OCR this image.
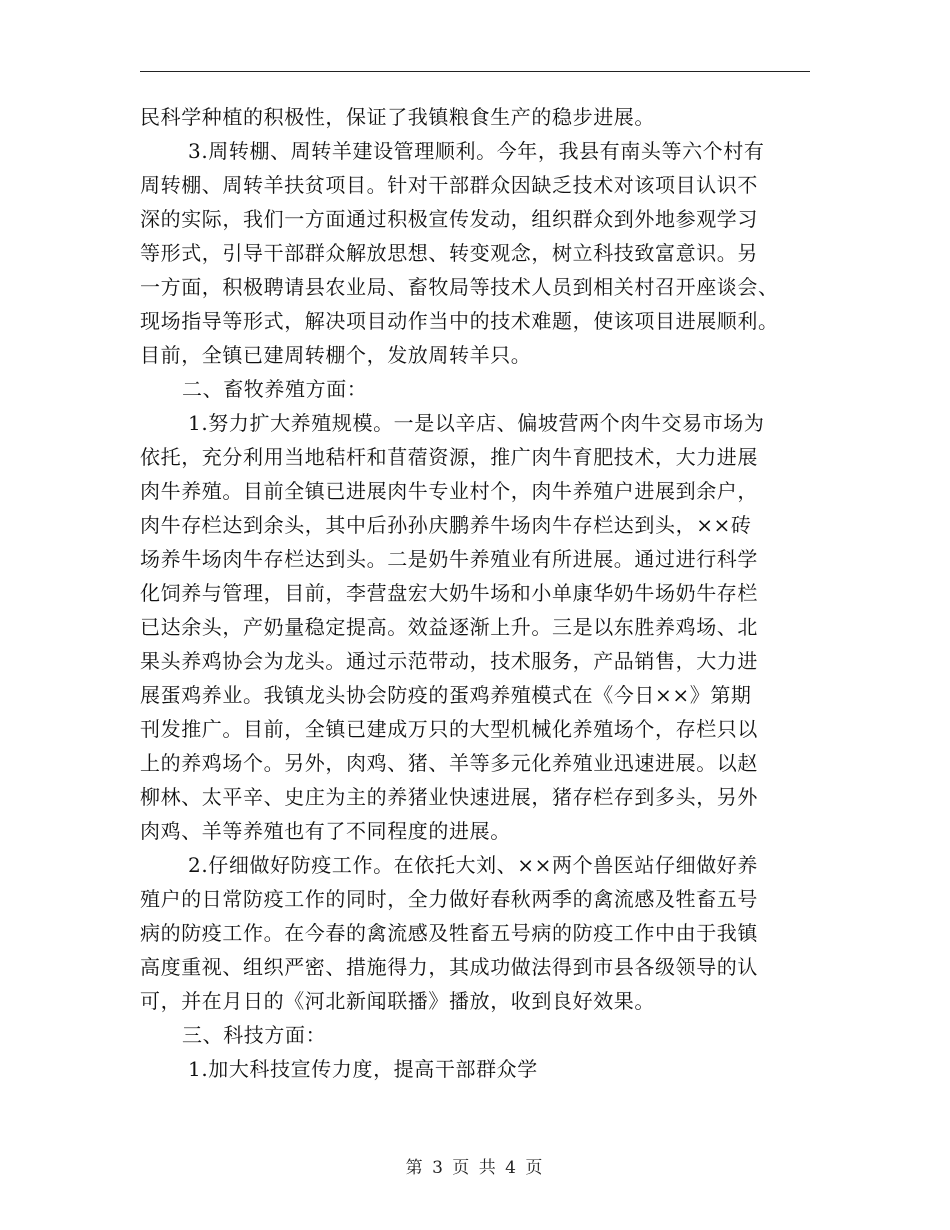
民科学种植的积极性，保证了我镇粮食生产的稳步进展。
3.周转棚、周转羊建设管理顺利。今年，我县有南头等六个村有
周转棚、周转羊扶贫项目。针对干部群众因缺乏技术对该项目认识不
深的实际，我们一方面通过积极宣传发动，组织群众到外地参观学习
等形式，引导干部群众解放思想、转变观念，树立科技致富意识。另
一方面，积极聘请县农业局、畜牧局等技术人员到相关村召开座谈会、
现场指导等形式，解决项目动作当中的技术难题，使该项目进展顺利。
目前，全镇已建周转棚个，发放周转羊只。
二、畜牧养殖方面：
1.努力扩大养殖规模。一是以辛店、偏坡营两个肉牛交易市场为
依托，充分利用当地秸杆和苜蓿资源，推广肉牛育肥技术，大力进展
肉牛养殖。目前全镇已进展肉牛专业村个，肉牛养殖户进展到余户，
肉牛存栏达到余头，其中后孙孙庆鹏养牛场肉牛存栏达到头，××砖
场养牛场肉牛存栏达到头。二是奶牛养殖业有所进展。通过进行科学
化饲养与管理，目前，李营盘宏大奶牛场和小单康华奶牛场奶牛存栏
已达余头，产奶量稳定提高。效益逐渐上升。三是以东胜养鸡场、北
果头养鸡协会为龙头。通过示范带动，技术服务，产品销售，大力进
展蛋鸡养业。我镇龙头协会防疫的蛋鸡养殖模式在《今日××》第期
刊发推广。目前，全镇已建成万只的大型机械化养殖场个，存栏只以
上的养鸡场个。另外，肉鸡、猪、羊等多元化养殖业迅速进展。以赵
柳林、太平辛、史庄为主的养猪业快速进展，猪存栏存到多头，另外
肉鸡、羊等养殖也有了不同程度的进展。
2.仔细做好防疫工作。在依托大刘、××两个兽医站仔细做好养
殖户的日常防疫工作的同时，全力做好春秋两季的禽流感及牲畜五号
病的防疫工作。在今春的禽流感及牲畜五号病的防疫工作中由于我镇
高度重视、组织严密、措施得力，其成功做法得到市县各级领导的认
可，并在月日的《河北新闻联播》播放，收到良好效果。
三、科技方面：
1.加大科技宣传力度，提高干部群众学
第 3 页 共 4 页
